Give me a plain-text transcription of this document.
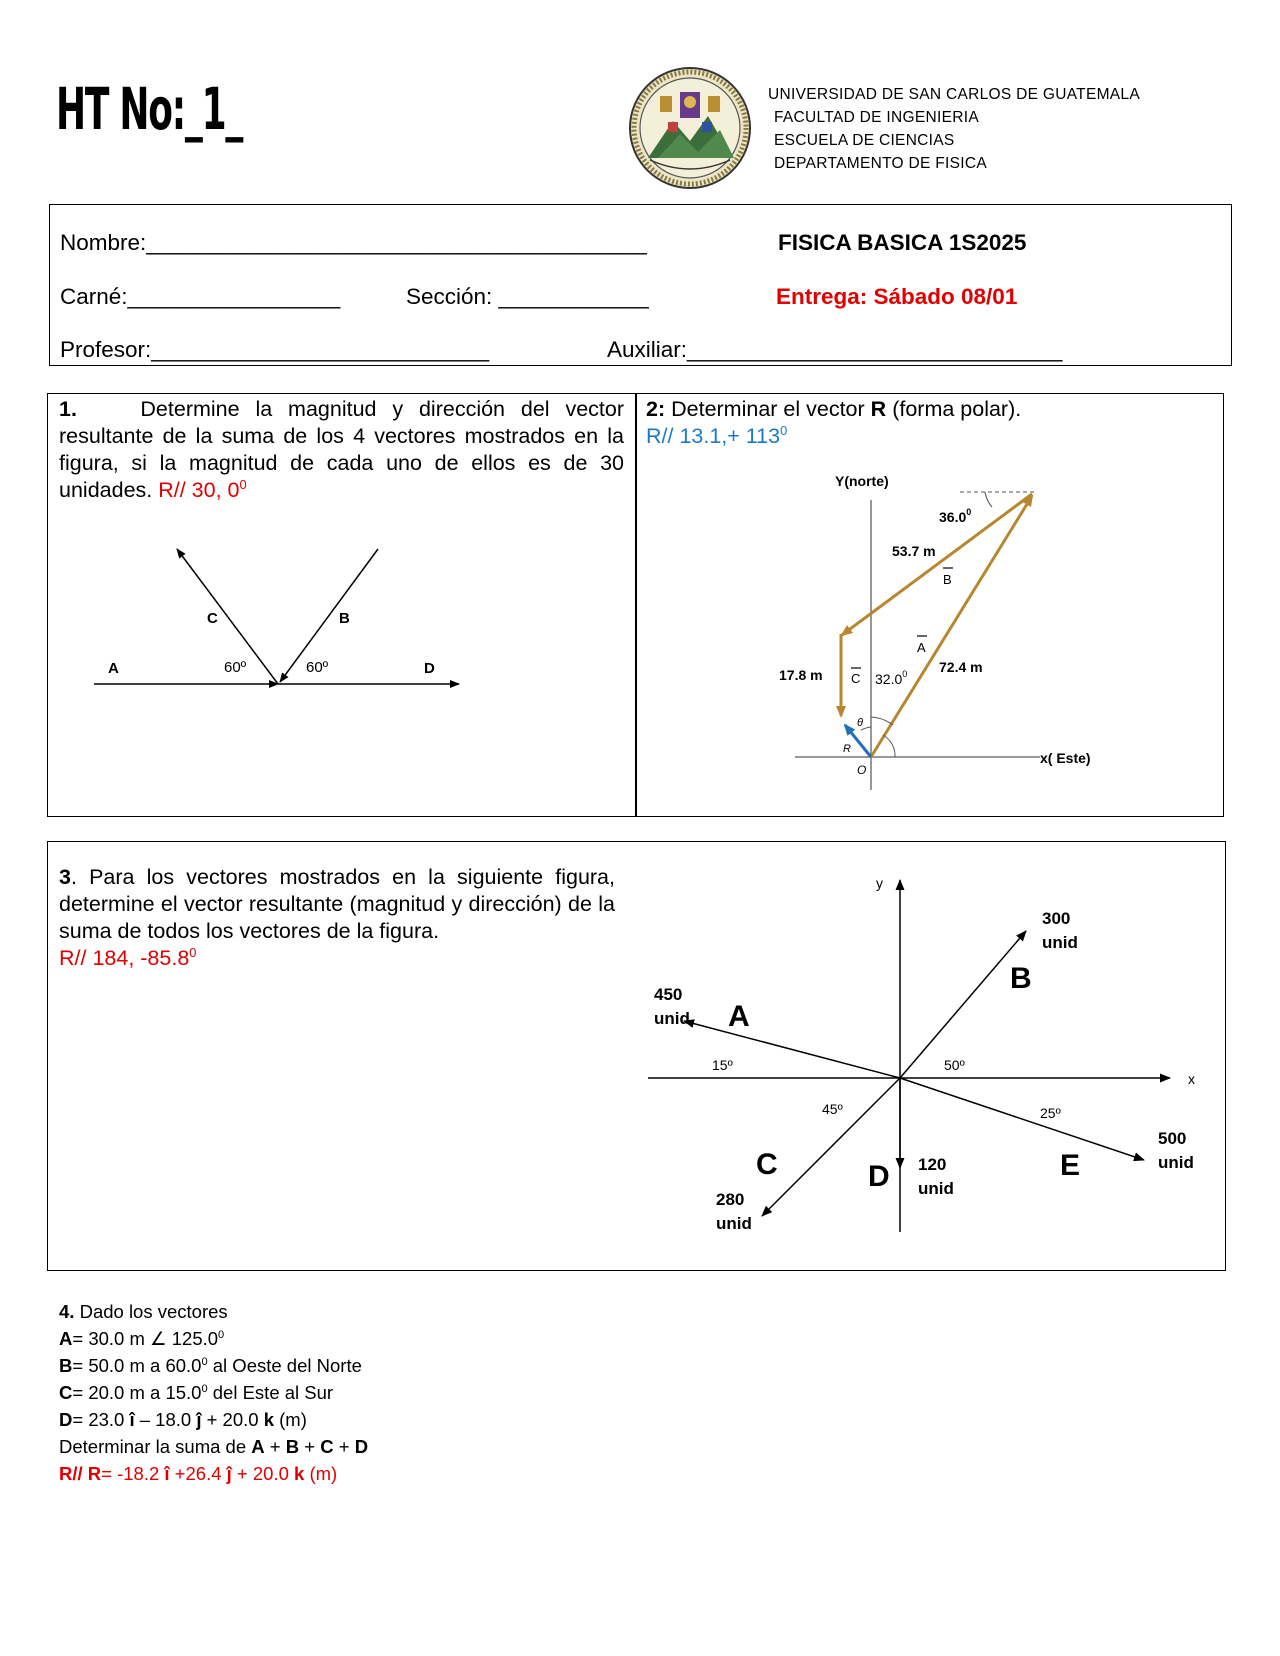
HT No:_1_	UNIVERSIDAD DE SAN CARLOS DE GUATEMALA
FACULTAD DE INGENIERIA
ESCUELA DE CIENCIAS
DEPARTAMENTO DE FISICA
Nombre:________________________________________	FISICA BASICA 1S2025
Carné:_________________	Sección: ____________	Entrega: Sábado 08/01
Profesor:___________________________	Auxiliar:______________________________
1.	Determine la magnitud y dirección del vector resultante de la suma de los 4 vectores mostrados en la figura, si la magnitud de cada uno de ellos es de 30 unidades. R// 30, $0^0$
A
C	B
D
60º	60º
2: Determinar el vector R (forma polar).
R// $13.1,+ 113^0$
Y(norte)
x( Este)
36.0$^0$
53.7 m
B
A
72.4 m
17.8 m C 32.0$^0$
θ
R
O
3. Para los vectores mostrados en la siguiente figura, determine el vector resultante (magnitud y dirección) de la suma de todos los vectores de la figura.
R// 184, -85.8$^0$
y
x
A
450
unid
15º
B
300
unid
50º
C
280
unid
45º
D 120
unid
E
500
unid
25º
4. Dado los vectores
A= 30.0 m ∠ 125.0$^0$
B= 50.0 m a 60.0$^0$ al Oeste del Norte
C= 20.0 m a 15.0$^0$ del Este al Sur
D= 23.0 î – 18.0 ĵ + 20.0 k (m)
Determinar la suma de A + B + C + D
R// R= -18.2 î +26.4 ĵ + 20.0 k (m)
